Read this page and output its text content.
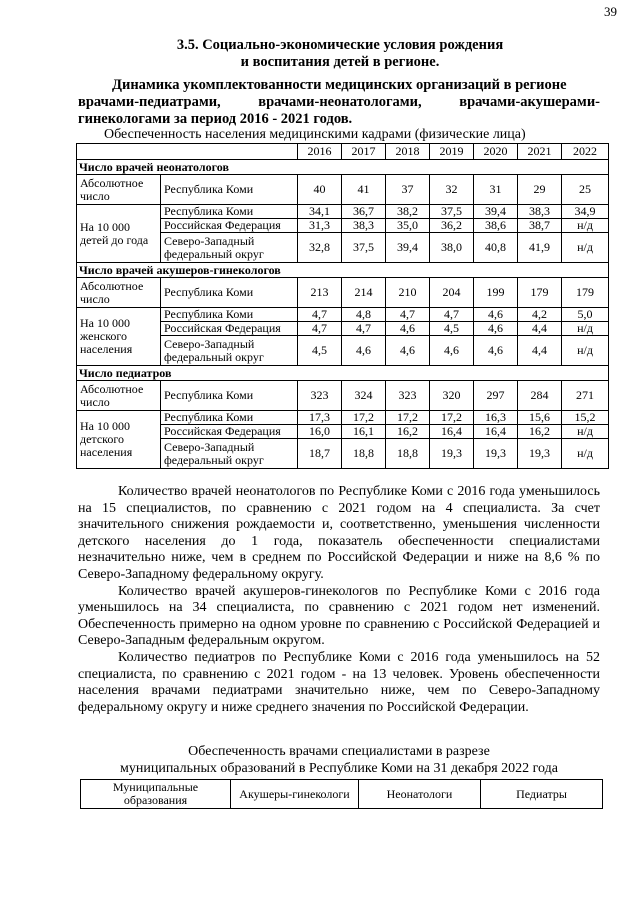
39
3.5. Социально-экономические условия рождения
и воспитания детей в регионе.
Динамика укомплектованности медицинских организаций в регионе
врачами-педиатрами, врачами-неонатологами, врачами-акушерами-
гинекологами за период 2016 - 2021 годов.
Обеспеченность населения медицинскими кадрами (физические лица)
		2016	2017	2018	2019	2020	2021	2022
Число врачей неонатологов								
Абсолютное число	Республика Коми	40	41	37	32	31	29	25
На 10 000 детей до года	Республика Коми	34,1	36,7	38,2	37,5	39,4	38,3	34,9
	Российская Федерация	31,3	38,3	35,0	36,2	38,6	38,7	н/д
	Северо-Западный федеральный округ	32,8	37,5	39,4	38,0	40,8	41,9	н/д
Число врачей акушеров-гинекологов								
Абсолютное число	Республика Коми	213	214	210	204	199	179	179
На 10 000 женского населения	Республика Коми	4,7	4,8	4,7	4,7	4,6	4,2	5,0
	Российская Федерация	4,7	4,7	4,6	4,5	4,6	4,4	н/д
	Северо-Западный федеральный округ	4,5	4,6	4,6	4,6	4,6	4,4	н/д
Число педиатров								
Абсолютное число	Республика Коми	323	324	323	320	297	284	271
На 10 000 детского населения	Республика Коми	17,3	17,2	17,2	17,2	16,3	15,6	15,2
	Российская Федерация	16,0	16,1	16,2	16,4	16,4	16,2	н/д
	Северо-Западный федеральный округ	18,7	18,8	18,8	19,3	19,3	19,3	н/д

Количество врачей неонатологов по Республике Коми с 2016 года уменьшилось на 15 специалистов, по сравнению с 2021 годом на 4 специалиста. За счет значительного снижения рождаемости и, соответственно, уменьшения численности детского населения до 1 года, показатель обеспеченности специалистами незначительно ниже, чем в среднем по Российской Федерации и ниже на 8,6 % по Северо-Западному федеральному округу.

Количество врачей акушеров-гинекологов по Республике Коми с 2016 года уменьшилось на 34 специалиста, по сравнению с 2021 годом нет изменений. Обеспеченность примерно на одном уровне по сравнению с Российской Федерацией и Северо-Западным федеральным округом.

Количество педиатров по Республике Коми с 2016 года уменьшилось на 52 специалиста, по сравнению с 2021 годом - на 13 человек. Уровень обеспеченности населения врачами педиатрами значительно ниже, чем по Северо-Западному федеральному округу и ниже среднего значения по Российской Федерации.

Обеспеченность врачами специалистами в разрезе
муниципальных образований в Республике Коми на 31 декабря 2022 года
Муниципальные образования	Акушеры-гинекологи	Неонатологи	Педиатры
